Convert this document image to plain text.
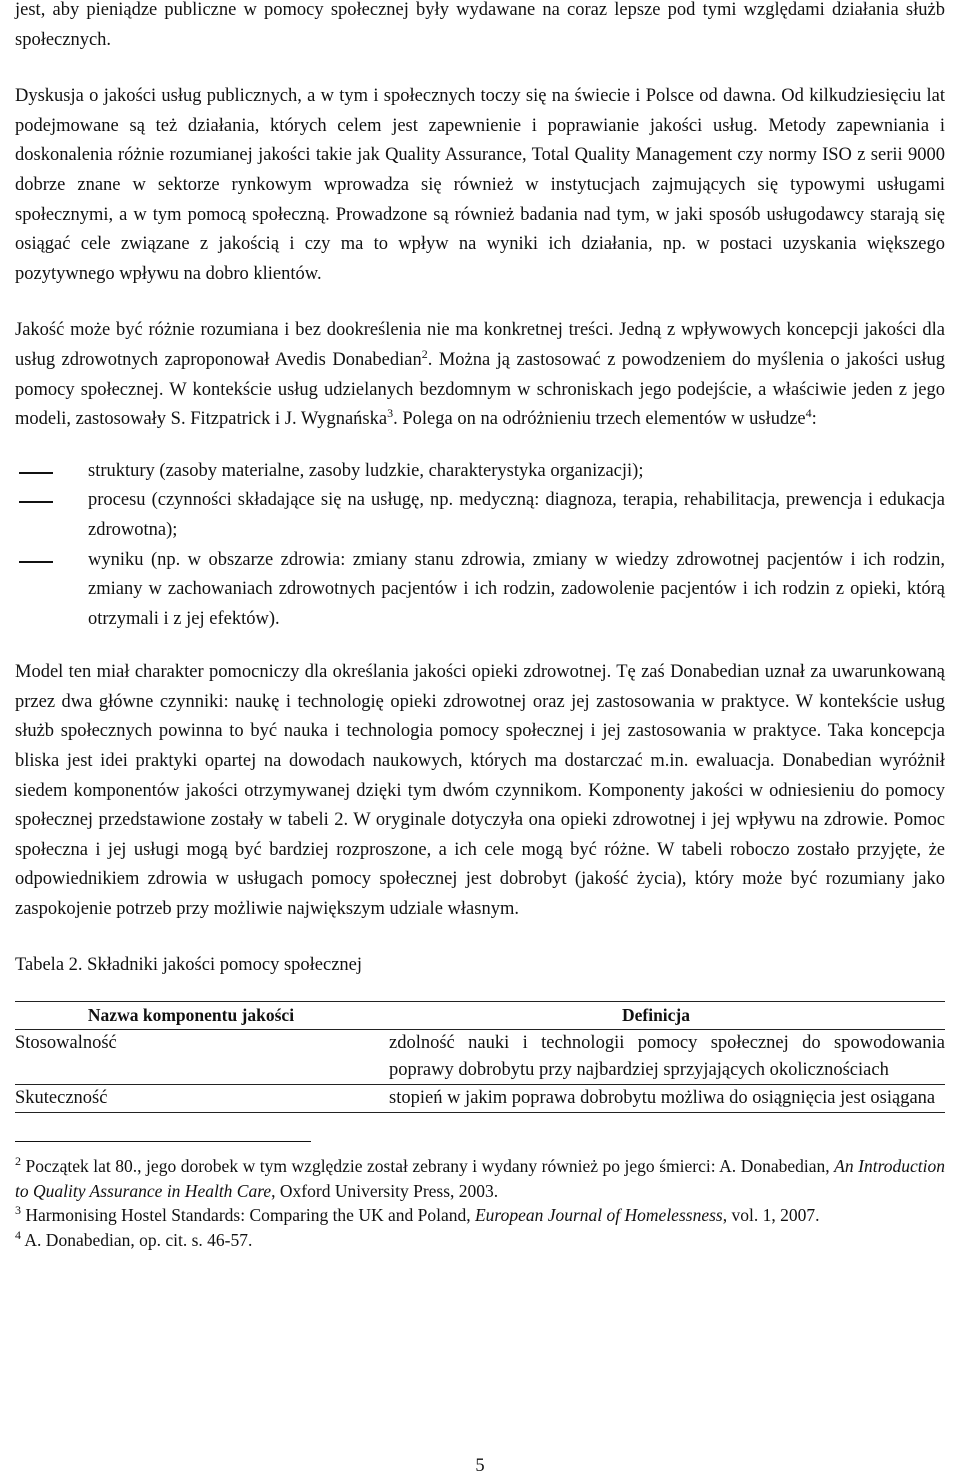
jest, aby pieniądze publiczne w pomocy społecznej były wydawane na coraz lepsze pod tymi względami działania służb społecznych.

Dyskusja o jakości usług publicznych, a w tym i społecznych toczy się na świecie i Polsce od dawna. Od kilkudziesięciu lat podejmowane są też działania, których celem jest zapewnienie i poprawianie jakości usług. Metody zapewniania i doskonalenia różnie rozumianej jakości takie jak Quality Assurance, Total Quality Management czy normy ISO z serii 9000 dobrze znane w sektorze rynkowym wprowadza się również w instytucjach zajmujących się typowymi usługami społecznymi, a w tym pomocą społeczną. Prowadzone są również badania nad tym, w jaki sposób usługodawcy starają się osiągać cele związane z jakością i czy ma to wpływ na wyniki ich działania, np. w postaci uzyskania większego pozytywnego wpływu na dobro klientów.

Jakość może być różnie rozumiana i bez dookreślenia nie ma konkretnej treści. Jedną z wpływowych koncepcji jakości dla usług zdrowotnych zaproponował Avedis Donabedian$^2$. Można ją zastosować z powodzeniem do myślenia o jakości usług pomocy społecznej. W kontekście usług udzielanych bezdomnym w schroniskach jego podejście, a właściwie jeden z jego modeli, zastosowały S. Fitzpatrick i J. Wygnańska$^3$. Polega on na odróżnieniu trzech elementów w usłudze$^4$:

struktury (zasoby materialne, zasoby ludzkie, charakterystyka organizacji);
procesu (czynności składające się na usługę, np. medyczną: diagnoza, terapia, rehabilitacja, prewencja i edukacja zdrowotna);
wyniku (np. w obszarze zdrowia: zmiany stanu zdrowia, zmiany w wiedzy zdrowotnej pacjentów i ich rodzin, zmiany w zachowaniach zdrowotnych pacjentów i ich rodzin, zadowolenie pacjentów i ich rodzin z opieki, którą otrzymali i z jej efektów).

Model ten miał charakter pomocniczy dla określania jakości opieki zdrowotnej. Tę zaś Donabedian uznał za uwarunkowaną przez dwa główne czynniki: naukę i technologię opieki zdrowotnej oraz jej zastosowania w praktyce. W kontekście usług służb społecznych powinna to być nauka i technologia pomocy społecznej i jej zastosowania w praktyce. Taka koncepcja bliska jest idei praktyki opartej na dowodach naukowych, których ma dostarczać m.in. ewaluacja. Donabedian wyróżnił siedem komponentów jakości otrzymywanej dzięki tym dwóm czynnikom. Komponenty jakości w odniesieniu do pomocy społecznej przedstawione zostały w tabeli 2. W oryginale dotyczyła ona opieki zdrowotnej i jej wpływu na zdrowie. Pomoc społeczna i jej usługi mogą być bardziej rozproszone, a ich cele mogą być różne. W tabeli roboczo zostało przyjęte, że odpowiednikiem zdrowia w usługach pomocy społecznej jest dobrobyt (jakość życia), który może być rozumiany jako zaspokojenie potrzeb przy możliwie największym udziale własnym.

Tabela 2. Składniki jakości pomocy społecznej
Nazwa komponentu jakości	Definicja
Stosowalność	zdolność nauki i technologii pomocy społecznej do spowodowania poprawy dobrobytu przy najbardziej sprzyjających okolicznościach
Skuteczność	stopień w jakim poprawa dobrobytu możliwa do osiągnięcia jest osiągana

$^2$ Początek lat 80., jego dorobek w tym względzie został zebrany i wydany również po jego śmierci: A. Donabedian, An Introduction to Quality Assurance in Health Care, Oxford University Press, 2003.

$^3$ Harmonising Hostel Standards: Comparing the UK and Poland, European Journal of Homelessness, vol. 1, 2007.

$^4$ A. Donabedian, op. cit. s. 46-57.

5
